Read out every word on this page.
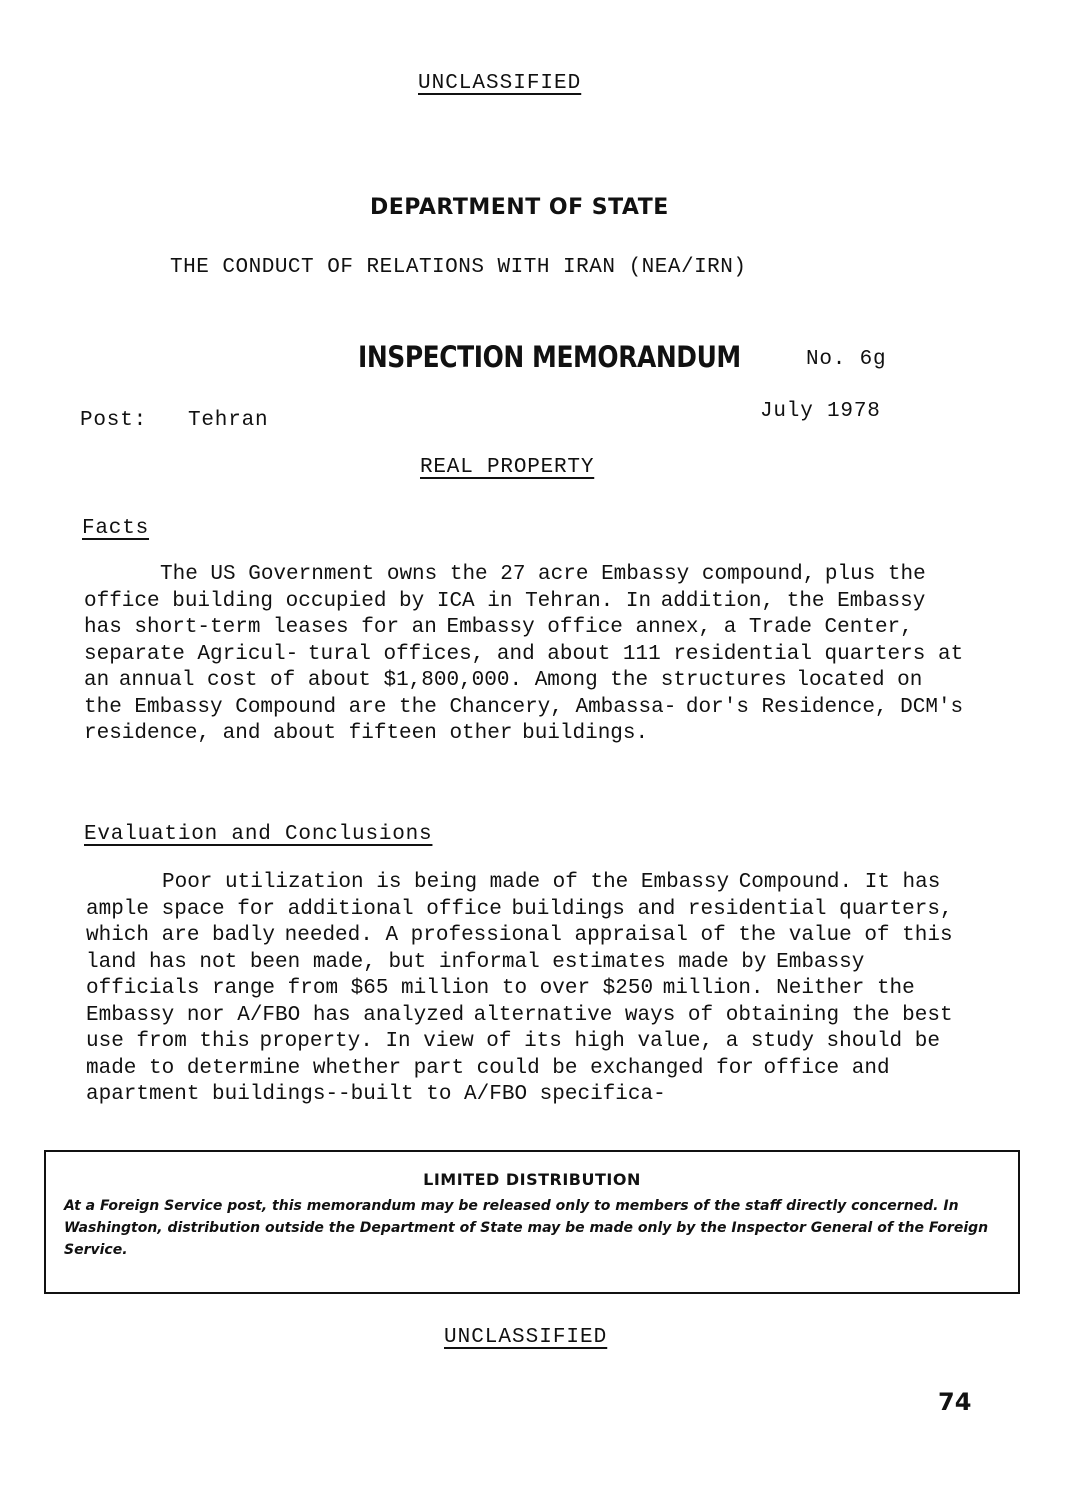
UNCLASSIFIED
DEPARTMENT OF STATE
THE CONDUCT OF RELATIONS WITH IRAN (NEA/IRN)
INSPECTION MEMORANDUM	No. 6g
Post: Tehran	July 1978
REAL PROPERTY
Facts
The US Government owns the 27 acre Embassy compound, plus the office building occupied by ICA in Tehran. In addition, the Embassy has short-term leases for an Embassy office annex, a Trade Center, separate Agricul- tural offices, and about 111 residential quarters at an annual cost of about $1,800,000. Among the structures located on the Embassy Compound are the Chancery, Ambassa- dor's Residence, DCM's residence, and about fifteen other buildings.
Evaluation and Conclusions
Poor utilization is being made of the Embassy Compound. It has ample space for additional office buildings and residential quarters, which are badly needed. A professional appraisal of the value of this land has not been made, but informal estimates made by Embassy officials range from $65 million to over $250 million. Neither the Embassy nor A/FBO has analyzed alternative ways of obtaining the best use from this property. In view of its high value, a study should be made to determine whether part could be exchanged for office and apartment buildings--built to A/FBO specifica-
LIMITED DISTRIBUTION
At a Foreign Service post, this memorandum may be released only to members of the staff directly concerned. In Washington, distribution outside the Department of State may be made only by the Inspector General of the Foreign Service.
UNCLASSIFIED
74
